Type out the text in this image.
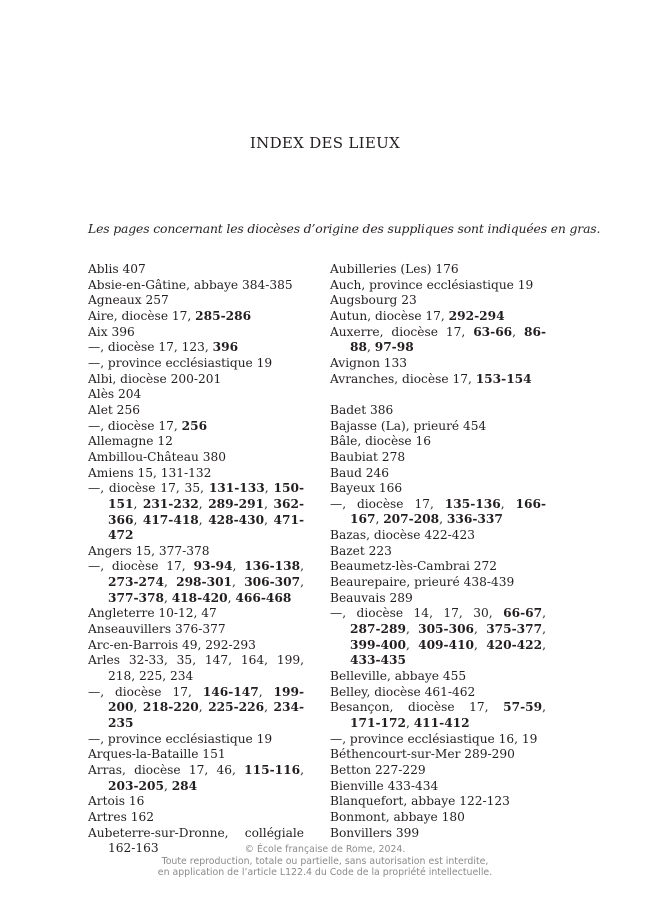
INDEX DES LIEUX
Les pages concernant les diocèses d’origine des suppliques sont indiquées en gras.

Ablis 407

Absie-en-Gâtine, abbaye 384-385

Agneaux 257

Aire, diocèse 17, 285-286

Aix 396

—, diocèse 17, 123, 396

—, province ecclésiastique 19

Albi, diocèse 200-201

Alès 204

Alet 256

—, diocèse 17, 256

Allemagne 12

Ambillou-Château 380

Amiens 15, 131-132

—, diocèse 17, 35, 131-133, 150-151, 231-232, 289-291, 362-366, 417-418, 428-430, 471-472

Angers 15, 377-378

—, diocèse 17, 93-94, 136-138, 273-274, 298-301, 306-307, 377-378, 418-420, 466-468

Angleterre 10-12, 47

Anseauvillers 376-377

Arc-en-Barrois 49, 292-293

Arles 32-33, 35, 147, 164, 199, 218, 225, 234

—, diocèse 17, 146-147, 199-200, 218-220, 225-226, 234-235

—, province ecclésiastique 19

Arques-la-Bataille 151

Arras, diocèse 17, 46, 115-116, 203-205, 284

Artois 16

Artres 162

Aubeterre-sur-Dronne, collégiale 162-163

Aubilleries (Les) 176

Auch, province ecclésiastique 19

Augsbourg 23

Autun, diocèse 17, 292-294

Auxerre, diocèse 17, 63-66, 86-88, 97-98

Avignon 133

Avranches, diocèse 17, 153-154

Badet 386

Bajasse (La), prieuré 454

Bâle, diocèse 16

Baubiat 278

Baud 246

Bayeux 166

—, diocèse 17, 135-136, 166-167, 207-208, 336-337

Bazas, diocèse 422-423

Bazet 223

Beaumetz-lès-Cambrai 272

Beaurepaire, prieuré 438-439

Beauvais 289

—, diocèse 14, 17, 30, 66-67, 287-289, 305-306, 375-377, 399-400, 409-410, 420-422, 433-435

Belleville, abbaye 455

Belley, diocèse 461-462

Besançon, diocèse 17, 57-59, 171-172, 411-412

—, province ecclésiastique 16, 19

Béthencourt-sur-Mer 289-290

Betton 227-229

Bienville 433-434

Blanquefort, abbaye 122-123

Bonmont, abbaye 180

Bonvillers 399

© École française de Rome, 2024.
Toute reproduction, totale ou partielle, sans autorisation est interdite,
en application de l’article L122.4 du Code de la propriété intellectuelle.
